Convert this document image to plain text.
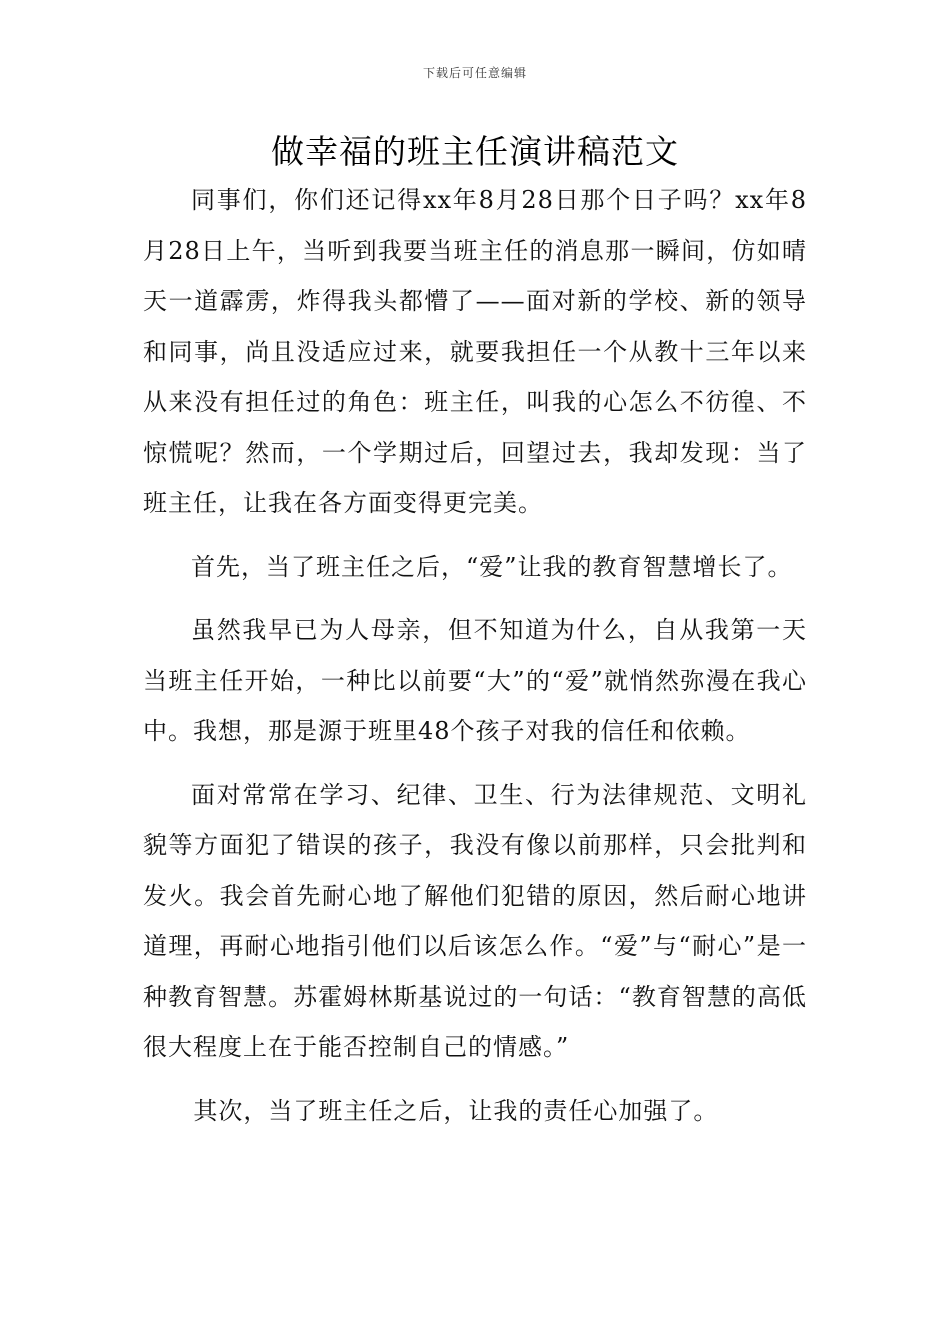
下载后可任意编辑
做幸福的班主任演讲稿范文

同事们，你们还记得xx年8月28日那个日子吗？xx年8月28日上午，当听到我要当班主任的消息那一瞬间，仿如晴天一道霹雳，炸得我头都懵了——面对新的学校、新的领导和同事，尚且没适应过来，就要我担任一个从教十三年以来从来没有担任过的角色：班主任，叫我的心怎么不彷徨、不惊慌呢？然而，一个学期过后，回望过去，我却发现：当了班主任，让我在各方面变得更完美。

首先，当了班主任之后，“爱”让我的教育智慧增长了。

虽然我早已为人母亲，但不知道为什么，自从我第一天当班主任开始，一种比以前要“大”的“爱”就悄然弥漫在我心中。我想，那是源于班里48个孩子对我的信任和依赖。

面对常常在学习、纪律、卫生、行为法律规范、文明礼貌等方面犯了错误的孩子，我没有像以前那样，只会批判和发火。我会首先耐心地了解他们犯错的原因，然后耐心地讲道理，再耐心地指引他们以后该怎么作。“爱”与“耐心”是一种教育智慧。苏霍姆林斯基说过的一句话：“教育智慧的高低很大程度上在于能否控制自己的情感。”

其次，当了班主任之后，让我的责任心加强了。
